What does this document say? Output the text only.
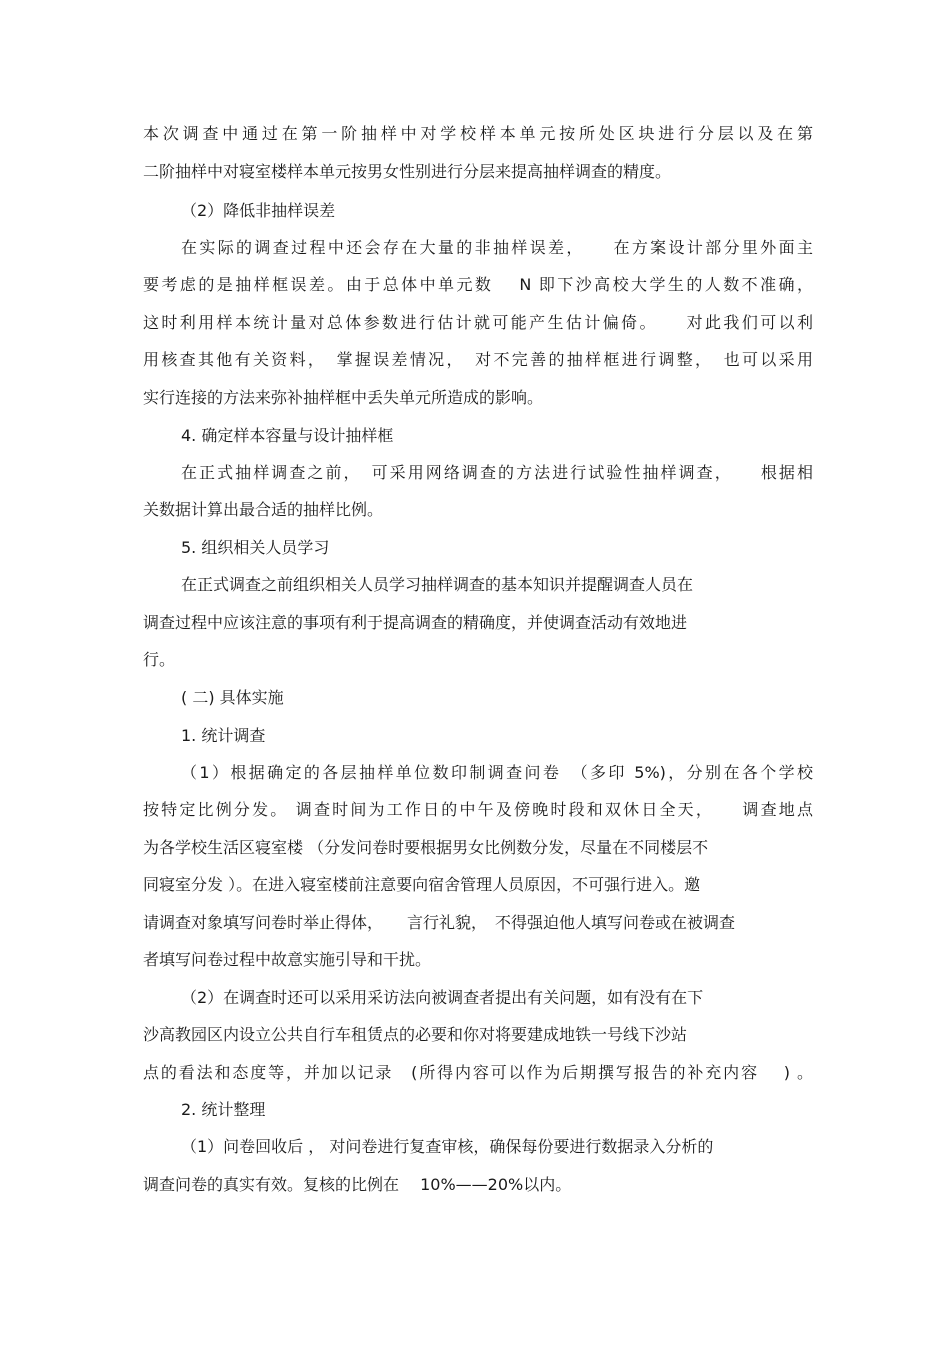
本次调查中通过在第一阶抽样中对学校样本单元按所处区块进行分层以及在第
二阶抽样中对寝室楼样本单元按男女性别进行分层来提高抽样调查的精度。
（2）降低非抽样误差
在实际的调查过程中还会存在大量的非抽样误差，　　在方案设计部分里外面主
要考虑的是抽样框误差。由于总体中单元数　 N 即下沙高校大学生的人数不准确，
这时利用样本统计量对总体参数进行估计就可能产生估计偏倚。　　对此我们可以利
用核查其他有关资料，　掌握误差情况，　对不完善的抽样框进行调整，　也可以采用
实行连接的方法来弥补抽样框中丢失单元所造成的影响。
4. 确定样本容量与设计抽样框
在正式抽样调查之前，　可采用网络调查的方法进行试验性抽样调查，　　根据相
关数据计算出最合适的抽样比例。
5. 组织相关人员学习
在正式调查之前组织相关人员学习抽样调查的基本知识并提醒调查人员在
调查过程中应该注意的事项有利于提高调查的精确度，并使调查活动有效地进
行。
( 二) 具体实施
1. 统计调查
（1）根据确定的各层抽样单位数印制调查问卷　（多印 5%)，分别在各个学校
按特定比例分发。 调查时间为工作日的中午及傍晚时段和双休日全天，　　调查地点
为各学校生活区寝室楼 （分发问卷时要根据男女比例数分发，尽量在不同楼层不
同寝室分发 ）。在进入寝室楼前注意要向宿舍管理人员原因，不可强行进入。邀
请调查对象填写问卷时举止得体，　　言行礼貌，　不得强迫他人填写问卷或在被调查
者填写问卷过程中故意实施引导和干扰。
（2）在调查时还可以采用采访法向被调查者提出有关问题，如有没有在下
沙高教园区内设立公共自行车租赁点的必要和你对将要建成地铁一号线下沙站
点的看法和态度等，并加以记录　(所得内容可以作为后期撰写报告的补充内容　 ) 。
2. 统计整理
（1）问卷回收后 ， 对问卷进行复查审核，确保每份要进行数据录入分析的
调查问卷的真实有效。复核的比例在　 10%——20%以内。
